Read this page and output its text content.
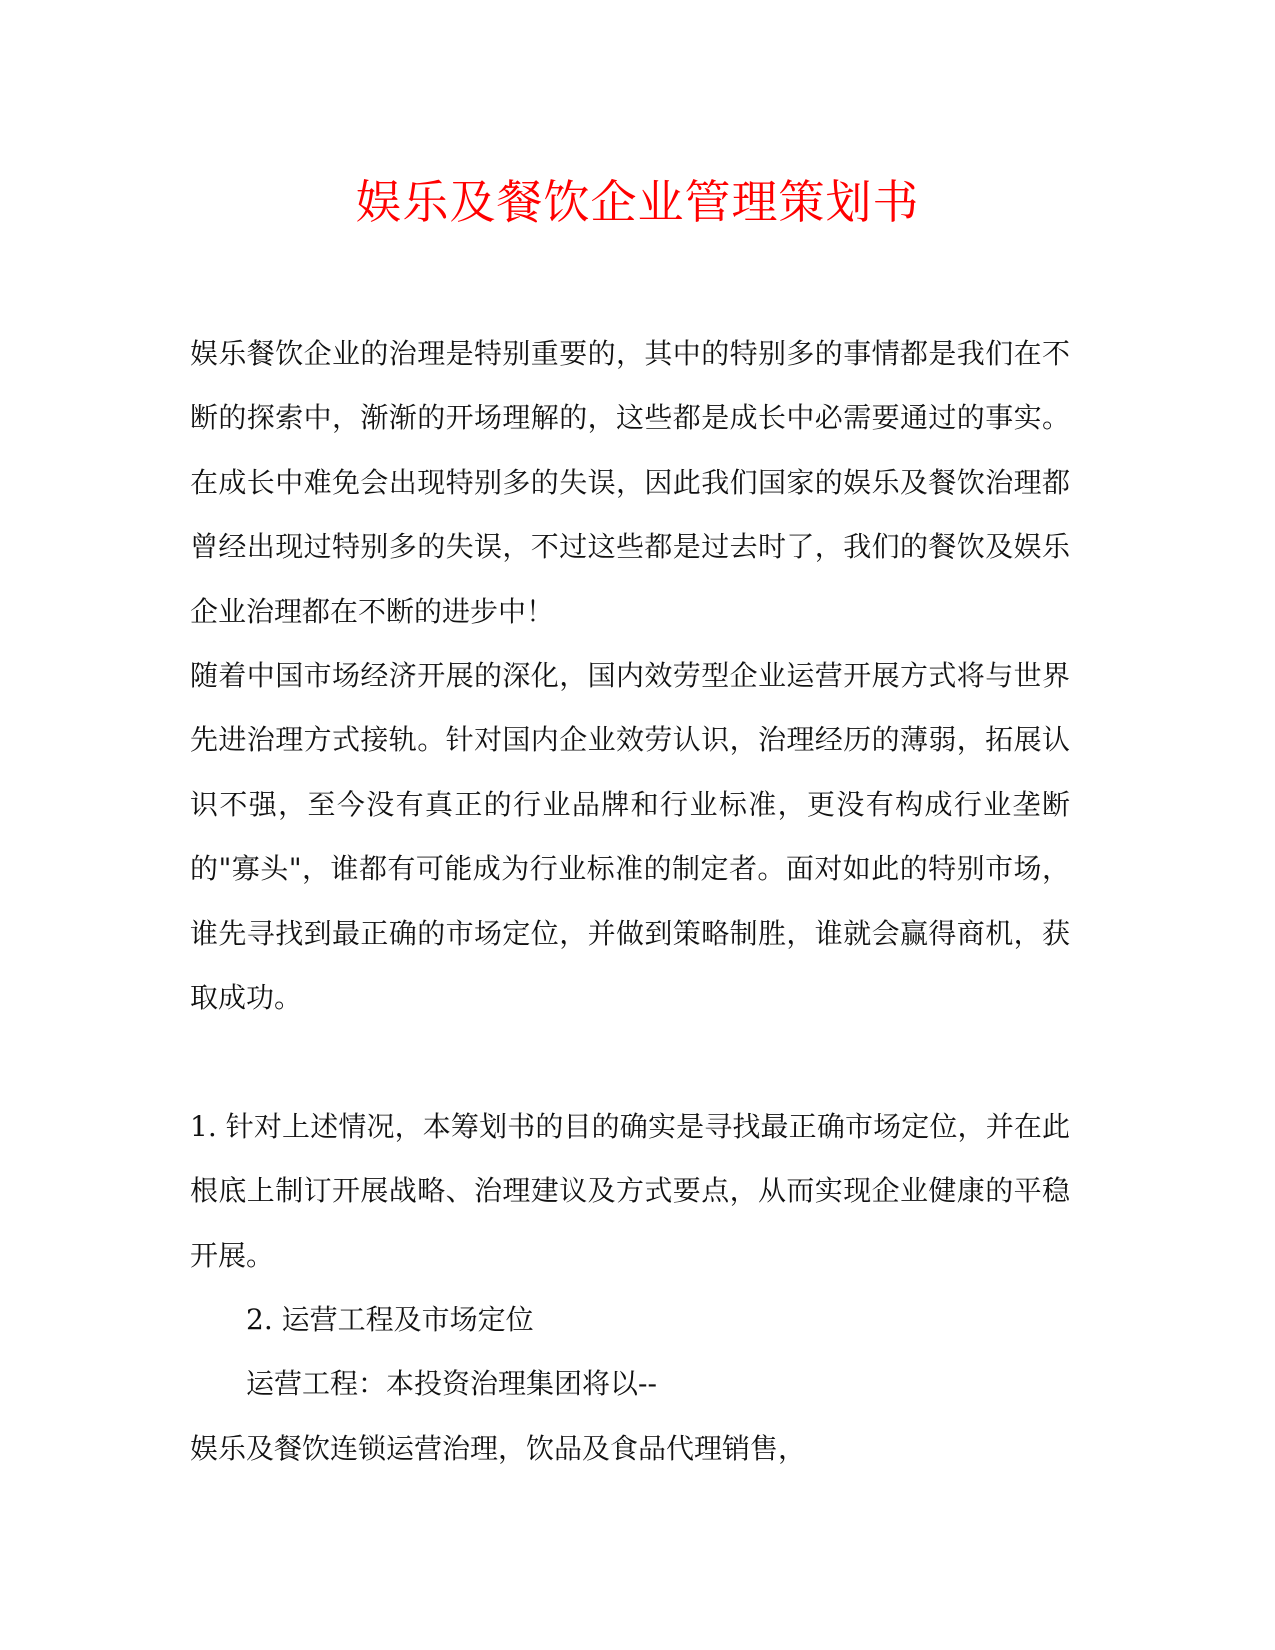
娱乐及餐饮企业管理策划书

娱乐餐饮企业的治理是特别重要的，其中的特别多的事情都是我们在不断的探索中，渐渐的开场理解的，这些都是成长中必需要通过的事实。在成长中难免会出现特别多的失误，因此我们国家的娱乐及餐饮治理都曾经出现过特别多的失误，不过这些都是过去时了，我们的餐饮及娱乐企业治理都在不断的进步中！

随着中国市场经济开展的深化，国内效劳型企业运营开展方式将与世界先进治理方式接轨。针对国内企业效劳认识，治理经历的薄弱，拓展认识不强，至今没有真正的行业品牌和行业标准，更没有构成行业垄断的"寡头"，谁都有可能成为行业标准的制定者。面对如此的特别市场，谁先寻找到最正确的市场定位，并做到策略制胜，谁就会赢得商机，获取成功。

1. 针对上述情况，本筹划书的目的确实是寻找最正确市场定位，并在此根底上制订开展战略、治理建议及方式要点，从而实现企业健康的平稳开展。

2. 运营工程及市场定位

运营工程：本投资治理集团将以--

娱乐及餐饮连锁运营治理，饮品及食品代理销售，
